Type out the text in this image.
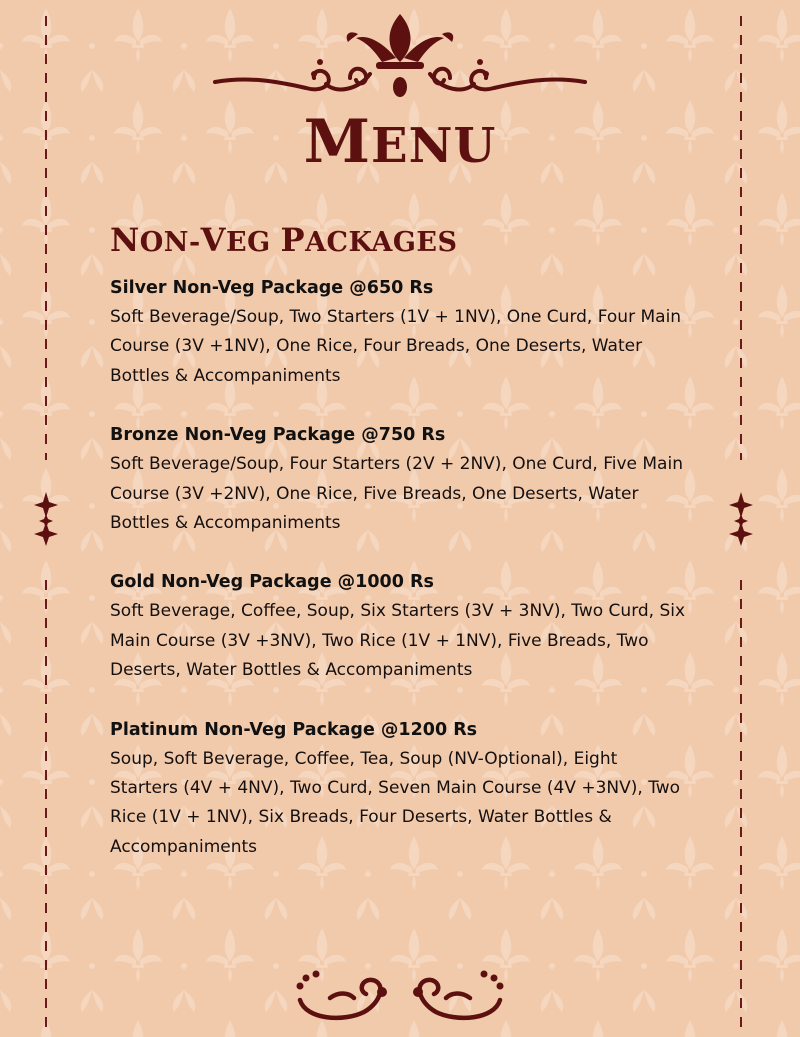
MENU
NON-VEG PACKAGES
Silver Non-Veg Package @650 Rs
Soft Beverage/Soup, Two Starters (1V + 1NV), One Curd, Four Main Course (3V +1NV), One Rice, Four Breads, One Deserts, Water Bottles & Accompaniments
Bronze Non-Veg Package @750 Rs
Soft Beverage/Soup, Four Starters (2V + 2NV), One Curd, Five Main Course (3V +2NV), One Rice, Five Breads, One Deserts, Water Bottles & Accompaniments
Gold Non-Veg Package @1000 Rs
Soft Beverage, Coffee, Soup, Six Starters (3V + 3NV), Two Curd, Six Main Course (3V +3NV), Two Rice (1V + 1NV), Five Breads, Two Deserts, Water Bottles & Accompaniments
Platinum Non-Veg Package @1200 Rs
Soup, Soft Beverage, Coffee, Tea, Soup (NV-Optional), Eight Starters (4V + 4NV), Two Curd, Seven Main Course (4V +3NV), Two Rice (1V + 1NV), Six Breads, Four Deserts, Water Bottles & Accompaniments
